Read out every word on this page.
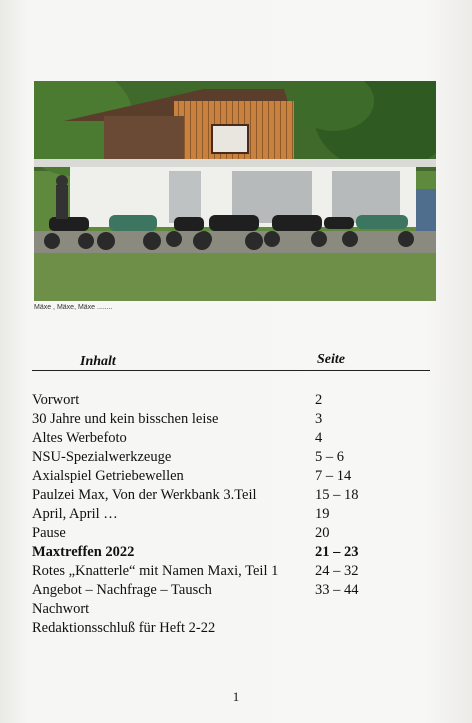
Mäxe , Mäxe, Mäxe ........
Inhalt	Seite
Vorwort	2
30 Jahre und kein bisschen leise	3
Altes Werbefoto	4
NSU-Spezialwerkzeuge	5 – 6
Axialspiel Getriebewellen	7 – 14
Paulzei Max, Von der Werkbank 3.Teil	15 – 18
April, April …	19
Pause	20
Maxtreffen 2022	21 – 23
Rotes „Knatterle“ mit Namen Maxi, Teil 1	24 – 32
Angebot – Nachfrage – Tausch	33 – 44
Nachwort
Redaktionsschluß für Heft 2-22
1
